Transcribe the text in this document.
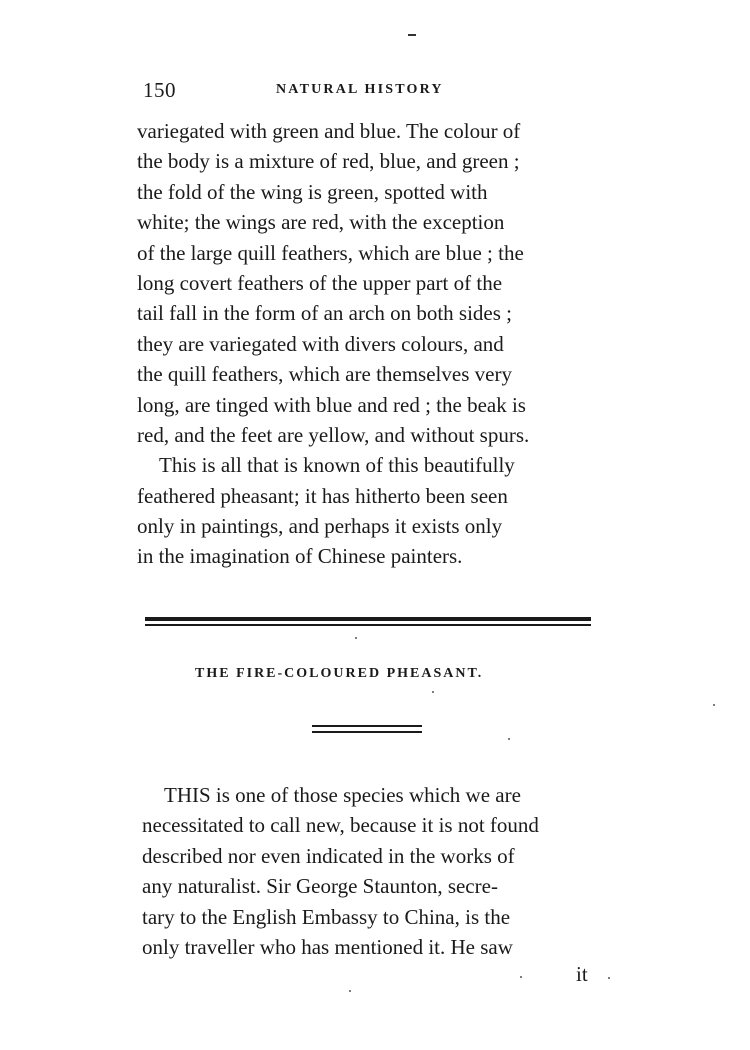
150	NATURAL HISTORY
variegated with green and blue. The colour of
the body is a mixture of red, blue, and green ;
the fold of the wing is green, spotted with
white; the wings are red, with the exception
of the large quill feathers, which are blue ; the
long covert feathers of the upper part of the
tail fall in the form of an arch on both sides ;
they are variegated with divers colours, and
the quill feathers, which are themselves very
long, are tinged with blue and red ; the beak is
red, and the feet are yellow, and without spurs.
This is all that is known of this beautifully
feathered pheasant; it has hitherto been seen
only in paintings, and perhaps it exists only
in the imagination of Chinese painters.
THE FIRE-COLOURED PHEASANT.
THIS is one of those species which we are
necessitated to call new, because it is not found
described nor even indicated in the works of
any naturalist. Sir George Staunton, secre-
tary to the English Embassy to China, is the
only traveller who has mentioned it. He saw
it
